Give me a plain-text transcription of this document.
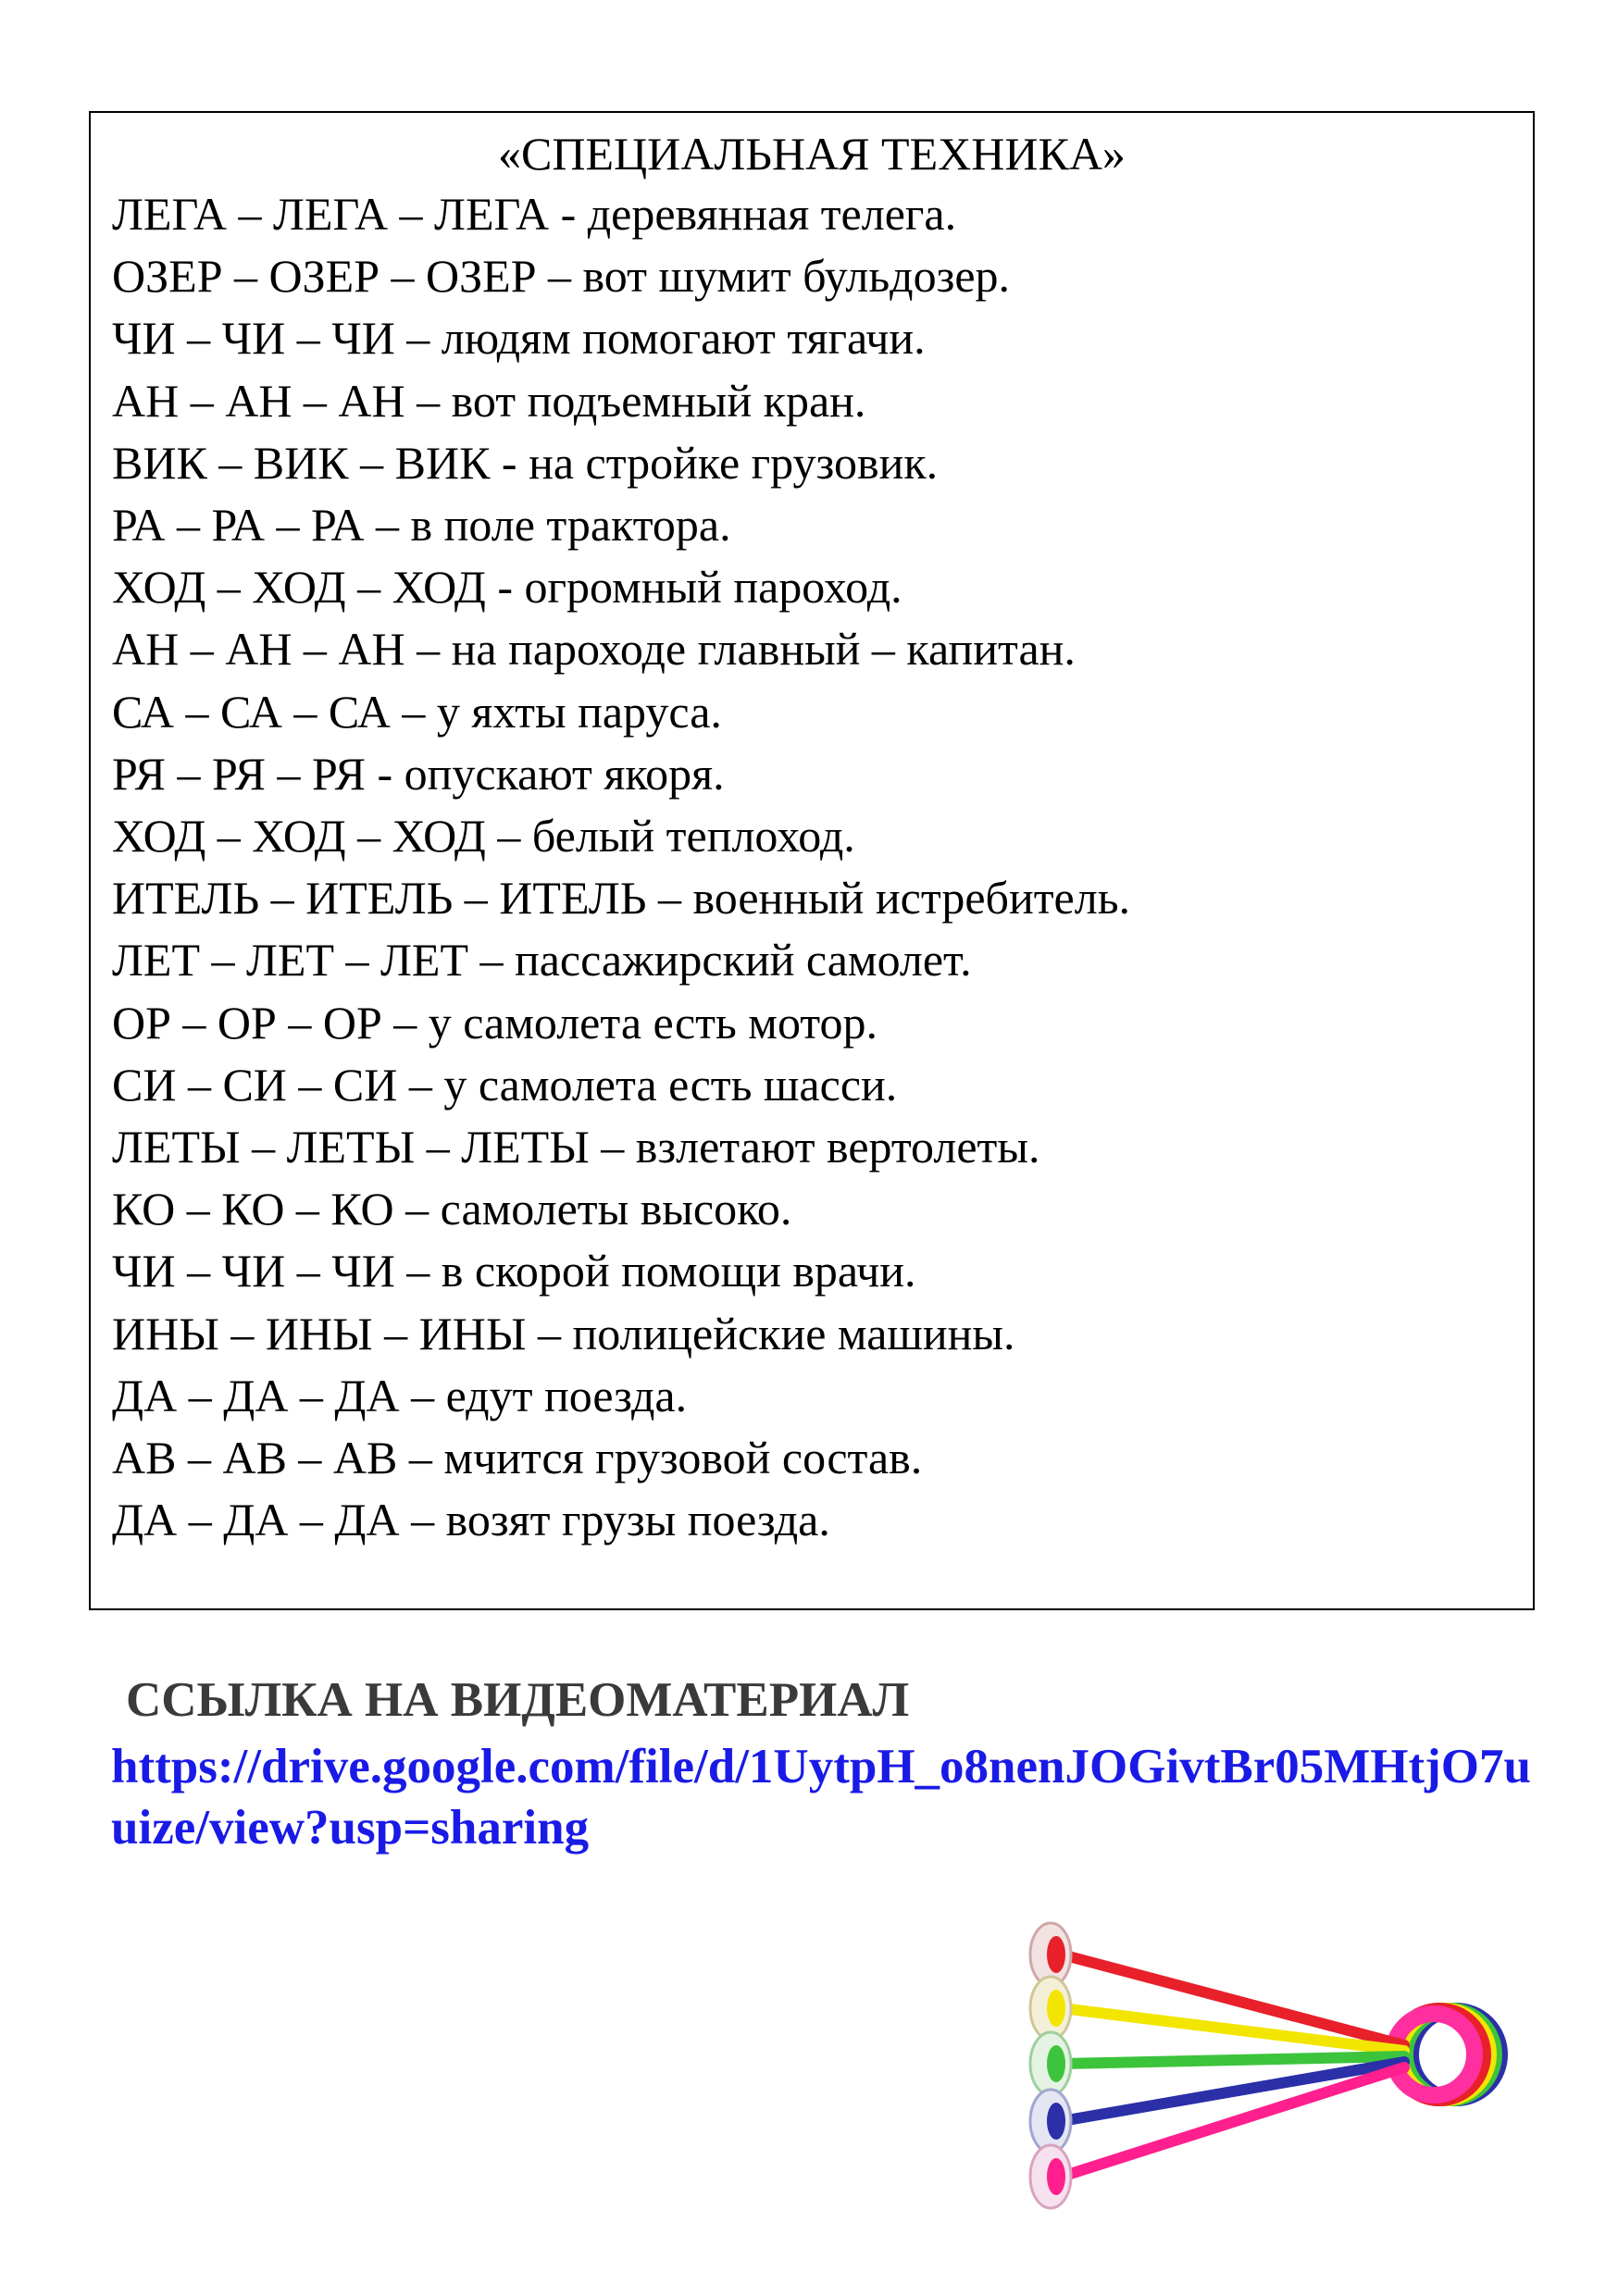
«СПЕЦИАЛЬНАЯ ТЕХНИКА»
ЛЕГА – ЛЕГА – ЛЕГА - деревянная телега.
ОЗЕР – ОЗЕР – ОЗЕР – вот шумит бульдозер.
ЧИ – ЧИ – ЧИ – людям помогают тягачи.
АН – АН – АН – вот подъемный кран.
ВИК – ВИК – ВИК - на стройке грузовик.
РА – РА – РА – в поле трактора.
ХОД – ХОД – ХОД - огромный пароход.
АН – АН – АН – на пароходе главный – капитан.
СА – СА – СА – у яхты паруса.
РЯ – РЯ – РЯ - опускают якоря.
ХОД – ХОД – ХОД – белый теплоход.
ИТЕЛЬ – ИТЕЛЬ – ИТЕЛЬ – военный истребитель.
ЛЕТ – ЛЕТ – ЛЕТ – пассажирский самолет.
ОР – ОР – ОР – у самолета есть мотор.
СИ – СИ – СИ – у самолета есть шасси.
ЛЕТЫ – ЛЕТЫ – ЛЕТЫ – взлетают вертолеты.
КО – КО – КО – самолеты высоко.
ЧИ – ЧИ – ЧИ – в скорой помощи врачи.
ИНЫ – ИНЫ – ИНЫ – полицейские машины.
ДА – ДА – ДА – едут поезда.
АВ – АВ – АВ – мчится грузовой состав.
ДА – ДА – ДА – возят грузы поезда.
ССЫЛКА НА ВИДЕОМАТЕРИАЛ
https://drive.google.com/file/d/1UytpH_o8nenJOGivtBr05MHtjO7uuize/view?usp=sharing
